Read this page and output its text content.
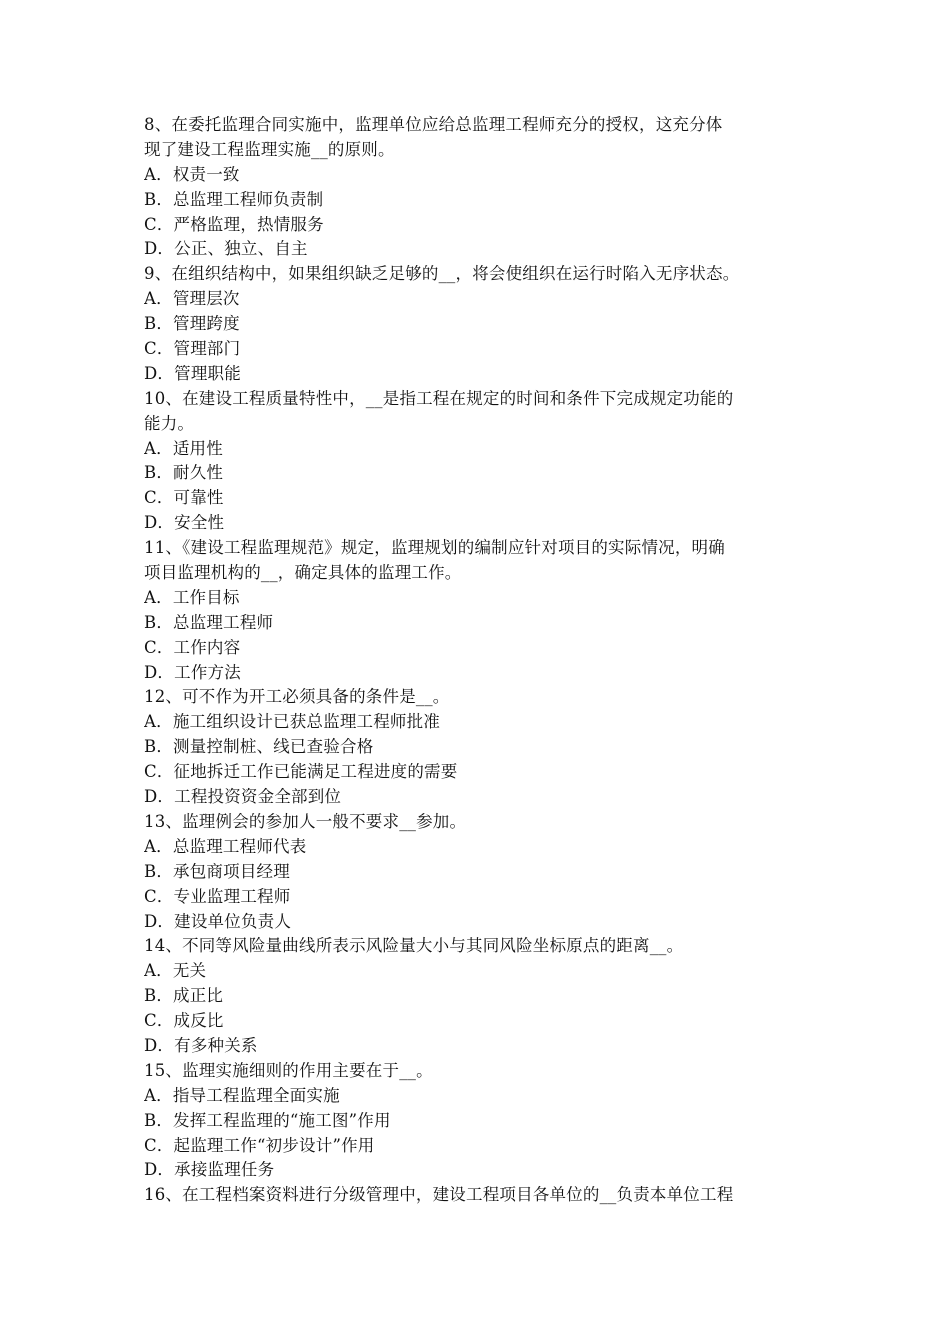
8、在委托监理合同实施中，监理单位应给总监理工程师充分的授权，这充分体
现了建设工程监理实施__的原则。
A．权责一致
B．总监理工程师负责制
C．严格监理，热情服务
D．公正、独立、自主
9、在组织结构中，如果组织缺乏足够的__，将会使组织在运行时陷入无序状态。
A．管理层次
B．管理跨度
C．管理部门
D．管理职能
10、在建设工程质量特性中，__是指工程在规定的时间和条件下完成规定功能的
能力。
A．适用性
B．耐久性
C．可靠性
D．安全性
11、《建设工程监理规范》规定，监理规划的编制应针对项目的实际情况，明确
项目监理机构的__，确定具体的监理工作。
A．工作目标
B．总监理工程师
C．工作内容
D．工作方法
12、可不作为开工必须具备的条件是__。
A．施工组织设计已获总监理工程师批准
B．测量控制桩、线已查验合格
C．征地拆迁工作已能满足工程进度的需要
D．工程投资资金全部到位
13、监理例会的参加人一般不要求__参加。
A．总监理工程师代表
B．承包商项目经理
C．专业监理工程师
D．建设单位负责人
14、不同等风险量曲线所表示风险量大小与其同风险坐标原点的距离__。
A．无关
B．成正比
C．成反比
D．有多种关系
15、监理实施细则的作用主要在于__。
A．指导工程监理全面实施
B．发挥工程监理的“施工图”作用
C．起监理工作“初步设计”作用
D．承接监理任务
16、在工程档案资料进行分级管理中，建设工程项目各单位的__负责本单位工程
